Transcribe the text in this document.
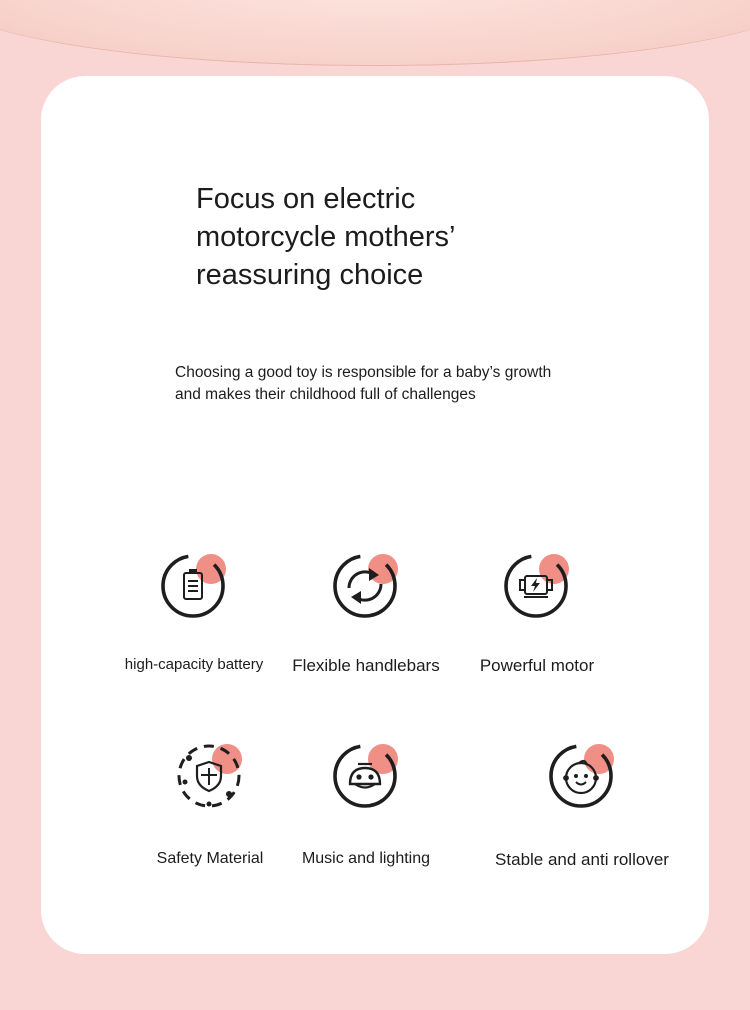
Focus on electric motorcycle mothers’ reassuring choice

Choosing a good toy is responsible for a baby’s growth and makes their childhood full of challenges

high-capacity battery	Flexible handlebars	Powerful motor
Safety Material	Music and lighting	Stable and anti rollover
